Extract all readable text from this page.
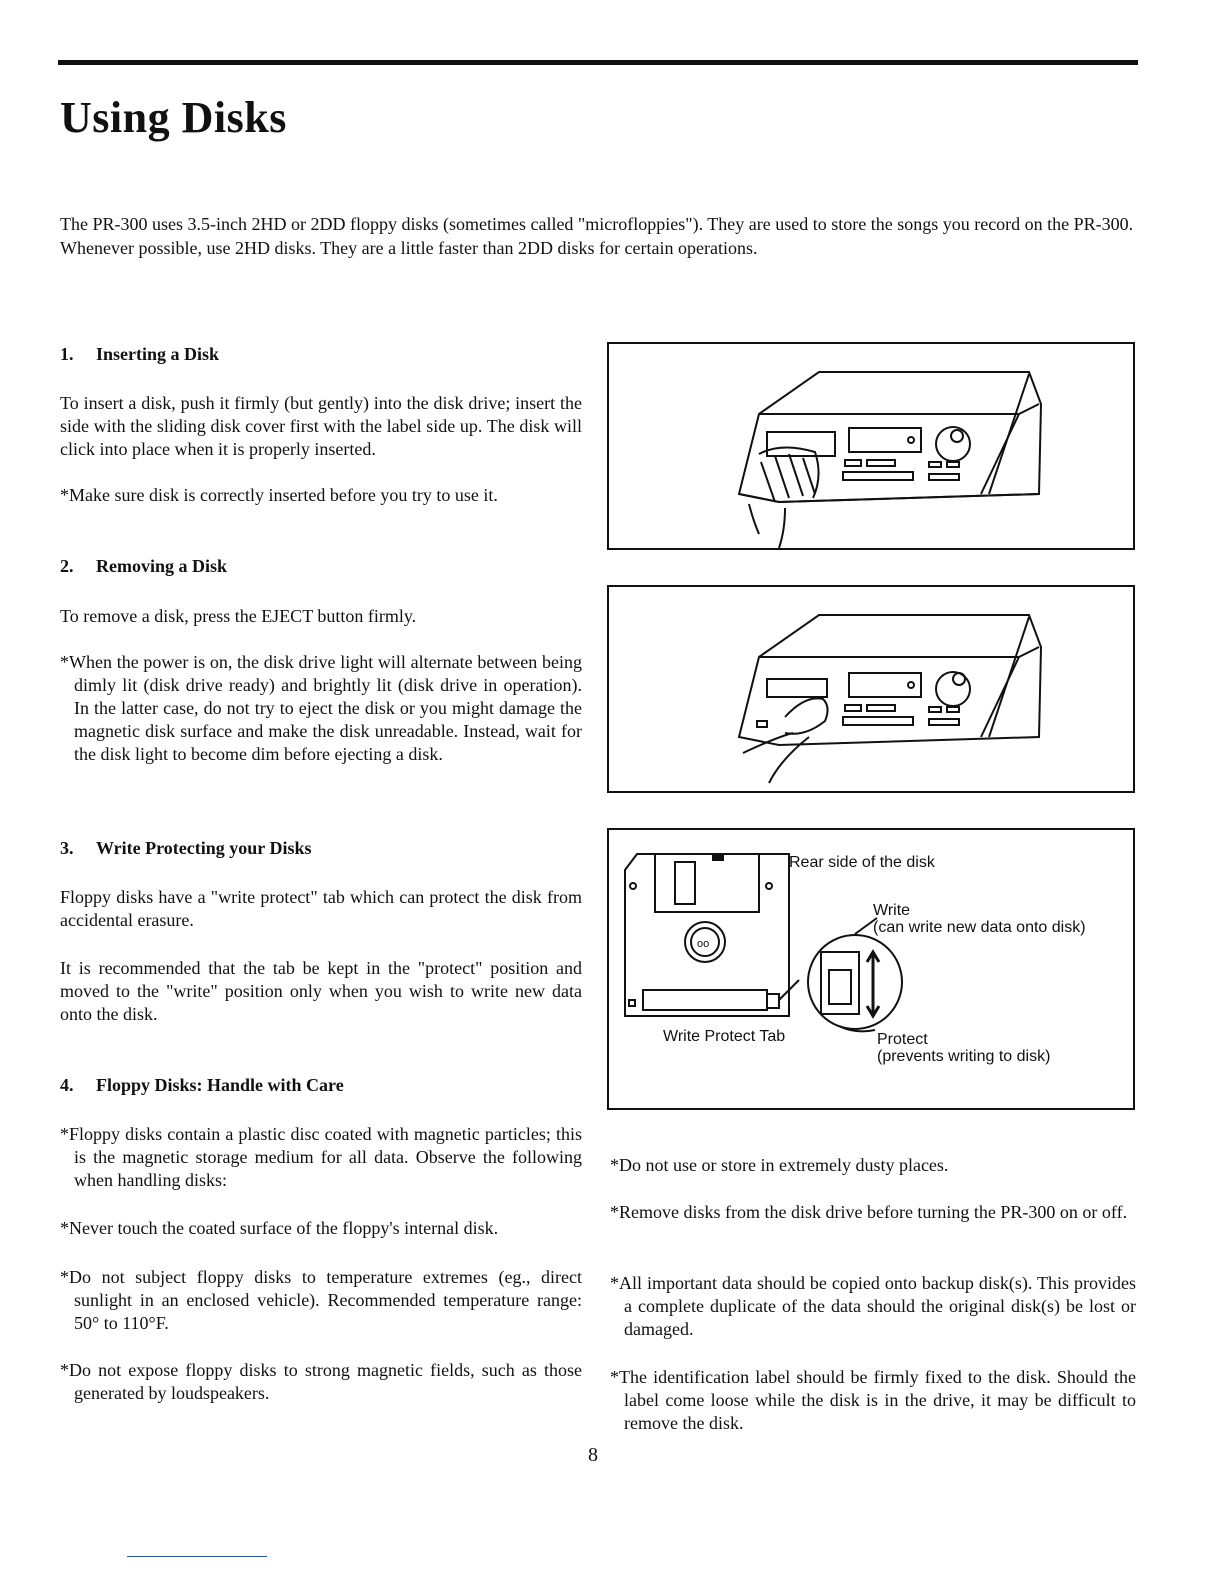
Using Disks

The PR-300 uses 3.5-inch 2HD or 2DD floppy disks (sometimes called "microfloppies"). They are used to store the songs you record on the PR-300. Whenever possible, use 2HD disks. They are a little faster than 2DD disks for certain operations.

1. Inserting a Disk

To insert a disk, push it firmly (but gently) into the disk drive; insert the side with the sliding disk cover first with the label side up. The disk will click into place when it is properly inserted.

*Make sure disk is correctly inserted before you try to use it.

2. Removing a Disk

To remove a disk, press the EJECT button firmly.

*When the power is on, the disk drive light will alternate between being dimly lit (disk drive ready) and brightly lit (disk drive in operation). In the latter case, do not try to eject the disk or you might damage the magnetic disk surface and make the disk unreadable. Instead, wait for the disk light to become dim before ejecting a disk.

3. Write Protecting your Disks

Floppy disks have a "write protect" tab which can protect the disk from accidental erasure.

It is recommended that the tab be kept in the "protect" position and moved to the "write" position only when you wish to write new data onto the disk.

4. Floppy Disks: Handle with Care

*Floppy disks contain a plastic disc coated with magnetic particles; this is the magnetic storage medium for all data. Observe the following when handling disks:

*Never touch the coated surface of the floppy's internal disk.

*Do not subject floppy disks to temperature extremes (eg., direct sunlight in an enclosed vehicle). Recommended temperature range: 50° to 110°F.

*Do not expose floppy disks to strong magnetic fields, such as those generated by loudspeakers.

*Do not use or store in extremely dusty places.

*Remove disks from the disk drive before turning the PR-300 on or off.

*All important data should be copied onto backup disk(s). This provides a complete duplicate of the data should the original disk(s) be lost or damaged.

*The identification label should be firmly fixed to the disk. Should the label come loose while the disk is in the drive, it may be difficult to remove the disk.

oo

Rear side of the disk

Write

(can write new data onto disk)

Write Protect Tab	Protect

(prevents writing to disk)

8
